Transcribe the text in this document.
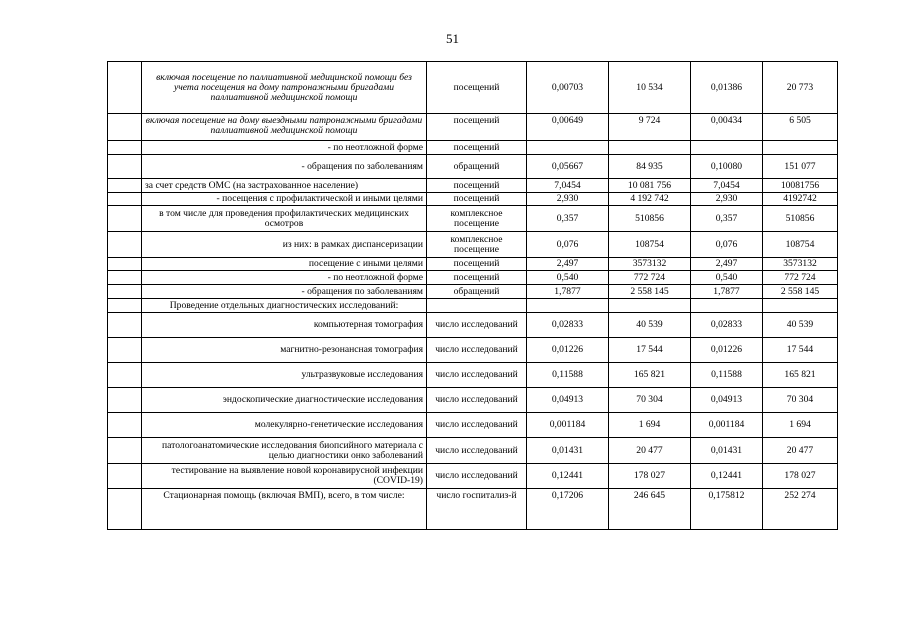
51
	включая посещение по паллиативной медицинской помощи без учета посещения на дому патронажными бригадами паллиативной медицинской помощи	посещений	0,00703	10 534	0,01386	20 773
	включая посещение на дому выездными патронажными бригадами паллиативной медицинской помощи	посещений	0,00649	9 724	0,00434	6 505
	- по неотложной форме	посещений				
	- обращения по заболеваниям	обращений	0,05667	84 935	0,10080	151 077
	за счет средств ОМС (на застрахованное население)	посещений	7,0454	10 081 756	7,0454	10081756
	- посещения с профилактической и иными целями	посещений	2,930	4 192 742	2,930	4192742
	в том числе для проведения профилактических медицинских осмотров	комплексное посещение	0,357	510856	0,357	510856
	из них: в рамках диспансеризации	комплексное посещение	0,076	108754	0,076	108754
	посещение с иными целями	посещений	2,497	3573132	2,497	3573132
	- по неотложной форме	посещений	0,540	772 724	0,540	772 724
	- обращения по заболеваниям	обращений	1,7877	2 558 145	1,7877	2 558 145
	Проведение отдельных диагностических исследований:					
	компьютерная томография	число исследований	0,02833	40 539	0,02833	40 539
	магнитно-резонансная томография	число исследований	0,01226	17 544	0,01226	17 544
	ультразвуковые исследования	число исследований	0,11588	165 821	0,11588	165 821
	эндоскопические диагностические исследования	число исследований	0,04913	70 304	0,04913	70 304
	молекулярно-генетические исследования	число исследований	0,001184	1 694	0,001184	1 694
	патологоанатомические исследования биопсийного материала с целью диагностики онко заболеваний	число исследований	0,01431	20 477	0,01431	20 477
	тестирование на выявление новой коронавирусной инфекции (COVID-19)	число исследований	0,12441	178 027	0,12441	178 027
	Стационарная помощь (включая ВМП), всего, в том числе:	число госпитализ-й	0,17206	246 645	0,175812	252 274
